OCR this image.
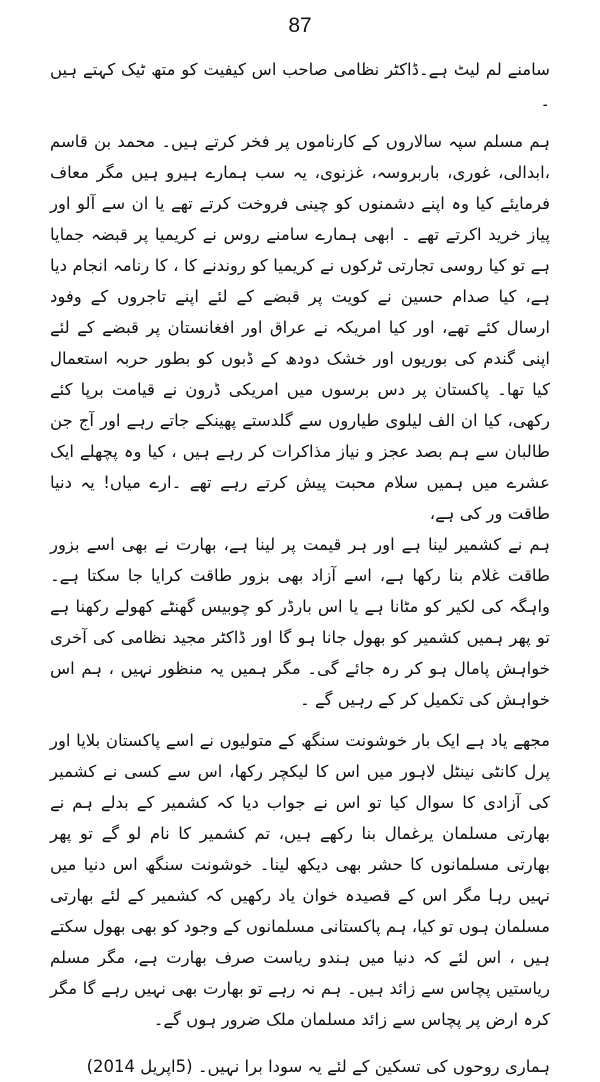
87

سامنے لم لیٹ ہے۔ڈاکٹر نظامی صاحب اس کیفیت کو متھ ٹیک کہتے ہیں ۔

ہم مسلم سپہ سالاروں کے کارناموں پر فخر کرتے ہیں۔ محمد بن قاسم ،ابدالی، غوری، باربروسہ، غزنوی، یہ سب ہمارے ہیرو ہیں مگر معاف فرمایئے کیا وہ اپنے دشمنوں کو چینی فروخت کرتے تھے یا ان سے آلو اور پیاز خرید اکرتے تھے ۔ ابھی ہمارے سامنے روس نے کریمیا پر قبضہ جمایا ہے تو کیا روسی تجارتی ٹرکوں نے کریمیا کو روندنے کا ، کا رنامہ انجام دیا ہے، کیا صدام حسین نے کویت پر قبضے کے لئے اپنے تاجروں کے وفود ارسال کئے تھے، اور کیا امریکہ نے عراق اور افغانستان پر قبضے کے لئے اپنی گندم کی بوریوں اور خشک دودھ کے ڈبوں کو بطور حربہ استعمال کیا تھا۔ پاکستان پر دس برسوں میں امریکی ڈرون نے قیامت برپا کئے رکھی، کیا ان الف لیلوی طیاروں سے گلدستے پھینکے جاتے رہے اور آج جن طالبان سے ہم بصد عجز و نیاز مذاکرات کر رہے ہیں ، کیا وہ پچھلے ایک عشرے میں ہمیں سلام محبت پیش کرتے رہے تھے ۔ارے میاں! یہ دنیا طاقت ور کی ہے،

ہم نے کشمیر لینا ہے اور ہر قیمت پر لینا ہے، بھارت نے بھی اسے بزور طاقت غلام بنا رکھا ہے، اسے آزاد بھی بزور طاقت کرایا جا سکتا ہے۔ واہگہ کی لکیر کو مٹانا ہے یا اس بارڈر کو چوبیس گھنٹے کھولے رکھنا ہے تو پھر ہمیں کشمیر کو بھول جانا ہو گا اور ڈاکٹر مجید نظامی کی آخری خواہش پامال ہو کر رہ جائے گی۔ مگر ہمیں یہ منظور نہیں ، ہم اس خواہش کی تکمیل کر کے رہیں گے ۔

مجھے یاد ہے ایک بار خوشونت سنگھ کے متولیوں نے اسے پاکستان بلایا اور پرل کانٹی نینٹل لاہور میں اس کا لیکچر رکھا، اس سے کسی نے کشمیر کی آزادی کا سوال کیا تو اس نے جواب دیا کہ کشمیر کے بدلے ہم نے بھارتی مسلمان یرغمال بنا رکھے ہیں، تم کشمیر کا نام لو گے تو پھر بھارتی مسلمانوں کا حشر بھی دیکھ لینا۔ خوشونت سنگھ اس دنیا میں نہیں رہا مگر اس کے قصیدہ خوان یاد رکھیں کہ کشمیر کے لئے بھارتی مسلمان ہوں تو کیا، ہم پاکستانی مسلمانوں کے وجود کو بھی بھول سکتے ہیں ، اس لئے کہ دنیا میں ہندو ریاست صرف بھارت ہے، مگر مسلم ریاستیں پچاس سے زائد ہیں۔ ہم نہ رہے تو بھارت بھی نہیں رہے گا مگر کرہ ارض پر پچاس سے زائد مسلمان ملک ضرور ہوں گے۔

ہماری روحوں کی تسکین کے لئے یہ سودا برا نہیں۔ (5اپریل 2014)
